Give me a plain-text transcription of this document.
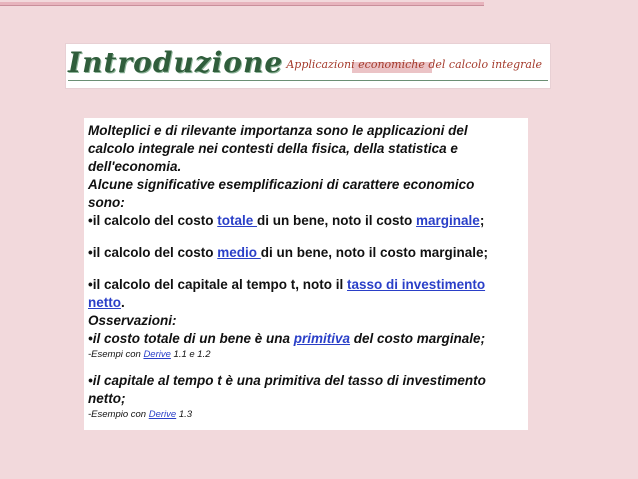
Introduzione Applicazioni economiche del calcolo integrale

Molteplici e di rilevante importanza sono le applicazioni del

calcolo integrale nei contesti della fisica, della statistica e

dell'economia.

Alcune significative esemplificazioni di carattere economico

sono:

•il calcolo del costo totale di un bene, noto il costo marginale;

•il calcolo del costo medio di un bene, noto il costo marginale;

•il calcolo del capitale al tempo t, noto il tasso di investimento
netto.

Osservazioni:

•il costo totale di un bene è una primitiva del costo marginale;

-Esempi con Derive 1.1 e 1.2

•il capitale al tempo t è una primitiva del tasso di investimento

netto;

-Esempio con Derive 1.3
